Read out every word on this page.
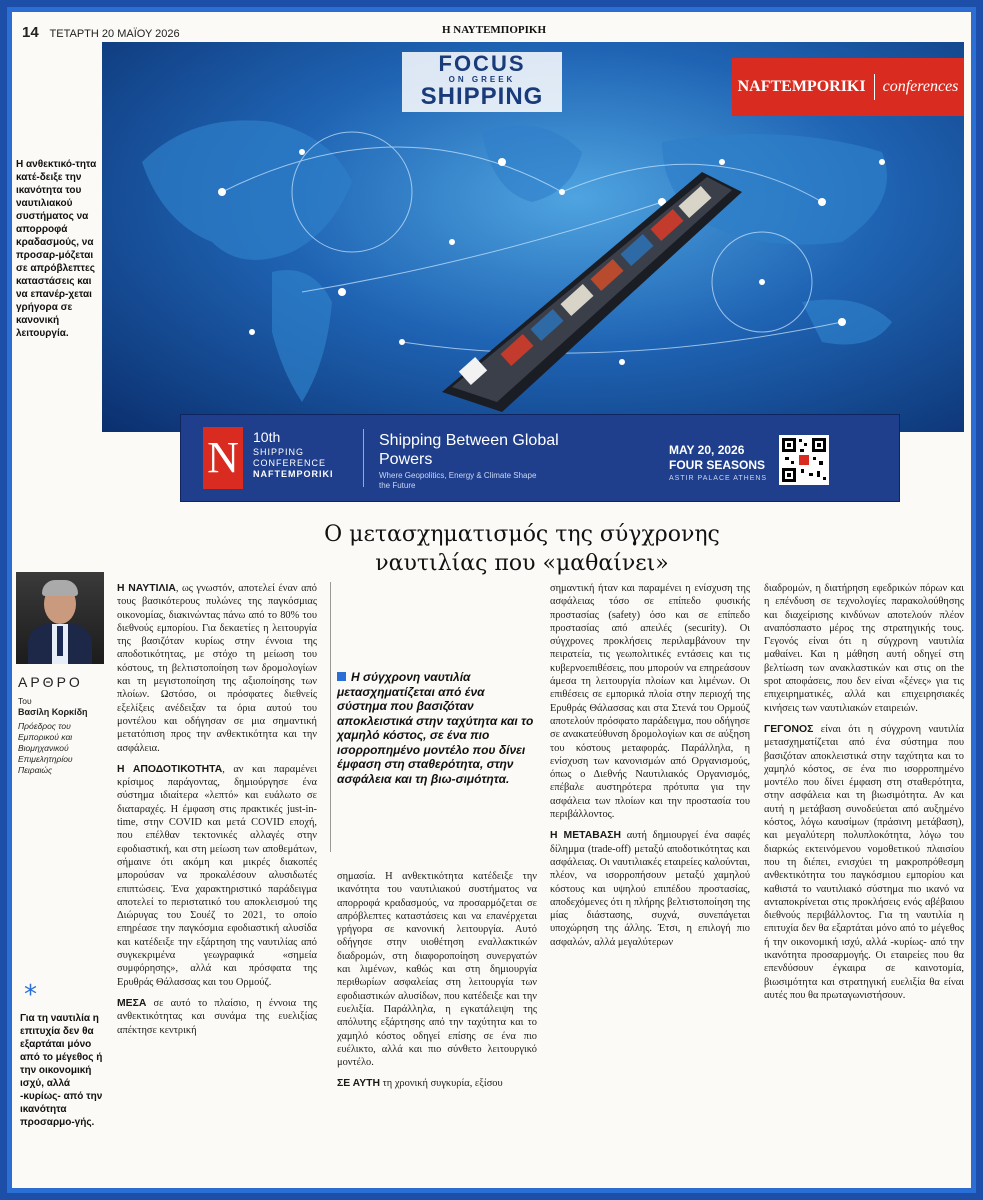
14 ΤΕΤΑΡΤΗ 20 ΜΑΪΟΥ 2026	Η ΝΑΥΤΕΜΠΟΡΙΚΗ
FOCUS
ON GREEK
SHIPPING	NAFTEMPORIKI conferences
Η ανθεκτικό-τητα κατέ-δειξε την ικανότητα του ναυτιλιακού συστήματος να απορροφά κραδασμούς, να προσαρ-μόζεται σε απρόβλεπτες καταστάσεις και να επανέρ-χεται γρήγορα σε κανονική λειτουργία.
N 10th
SHIPPING
CONFERENCE
NAFTEMPORIKI
Shipping Between Global Powers
Where Geopolitics, Energy & Climate Shape the Future
MAY 20, 2026
FOUR SEASONS
ASTIR PALACE ATHENS
Ο μετασχηματισμός της σύγχρονης ναυτιλίας που «μαθαίνει»
ΑΡΘΡΟ
Του
Βασίλη Κορκίδη
Πρόεδρος του Εμπορικού και Βιομηχανικού Επιμελητηρίου Πειραιώς
*
Για τη ναυτιλία η επιτυχία δεν θα εξαρτάται μόνο από το μέγεθος ή την οικονομική ισχύ, αλλά -κυρίως- από την ικανότητα προσαρμο-γής.

Η ΝΑΥΤΙΛΙΑ, ως γνωστόν, αποτελεί έναν από τους βασικότερους πυλώνες της παγκόσμιας οικονομίας, διακινώντας πάνω από το 80% του διεθνούς εμπορίου. Για δεκαετίες η λειτουργία της βασιζόταν κυρίως στην έννοια της αποδοτικότητας, με στόχο τη μείωση του κόστους, τη βελτιστοποίηση των δρομολογίων και τη μεγιστοποίηση της αξιοποίησης των πλοίων. Ωστόσο, οι πρόσφατες διεθνείς εξελίξεις ανέδειξαν τα όρια αυτού του μοντέλου και οδήγησαν σε μια σημαντική μετατόπιση προς την ανθεκτικότητα και την ασφάλεια.

Η ΑΠΟΔΟΤΙΚΟΤΗΤΑ, αν και παραμένει κρίσιμος παράγοντας, δημιούργησε ένα σύστημα ιδιαίτερα «λεπτό» και ευάλωτο σε διαταραχές. Η έμφαση στις πρακτικές just-in-time, στην COVID και μετά COVID εποχή, που επέλθαν τεκτονικές αλλαγές στην εφοδιαστική, και στη μείωση των αποθεμάτων, σήμαινε ότι ακόμη και μικρές διακοπές μπορούσαν να προκαλέσουν αλυσιδωτές επιπτώσεις. Ένα χαρακτηριστικό παράδειγμα αποτελεί το περιστατικό του αποκλεισμού της Διώρυγας του Σουέζ το 2021, το οποίο επηρέασε την παγκόσμια εφοδιαστική αλυσίδα και κατέδειξε την εξάρτηση της ναυτιλίας από συγκεκριμένα γεωγραφικά «σημεία συμφόρησης», αλλά και πρόσφατα της Ερυθράς Θάλασσας και του Ορμούζ.

ΜΕΣΑ σε αυτό το πλαίσιο, η έννοια της ανθεκτικότητας και συνάμα της ευελιξίας απέκτησε κεντρική

Η σύγχρονη ναυτιλία μετασχηματίζεται από ένα σύστημα που βασιζόταν αποκλειστικά στην ταχύτητα και το χαμηλό κόστος, σε ένα πιο ισορροπημένο μοντέλο που δίνει έμφαση στη σταθερότητα, στην ασφάλεια και τη βιω-σιμότητα.

σημασία. Η ανθεκτικότητα κατέδειξε την ικανότητα του ναυτιλιακού συστήματος να απορροφά κραδασμούς, να προσαρμόζεται σε απρόβλεπτες καταστάσεις και να επανέρχεται γρήγορα σε κανονική λειτουργία. Αυτό οδήγησε στην υιοθέτηση εναλλακτικών διαδρομών, στη διαφοροποίηση συνεργατών και λιμένων, καθώς και στη δημιουργία περιθωρίων ασφαλείας στη λειτουργία των εφοδιαστικών αλυσίδων, που κατέδειξε και την ευελιξία. Παράλληλα, η εγκατάλειψη της απόλυτης εξάρτησης από την ταχύτητα και το χαμηλό κόστος οδηγεί επίσης σε ένα πιο ευέλικτο, αλλά και πιο σύνθετο λειτουργικό μοντέλο.

ΣΕ ΑΥΤΗ τη χρονική συγκυρία, εξίσου

σημαντική ήταν και παραμένει η ενίσχυση της ασφάλειας τόσο σε επίπεδο φυσικής προστασίας (safety) όσο και σε επίπεδο προστασίας από απειλές (security). Οι σύγχρονες προκλήσεις περιλαμβάνουν την πειρατεία, τις γεωπολιτικές εντάσεις και τις κυβερνοεπιθέσεις, που μπορούν να επηρεάσουν άμεσα τη λειτουργία πλοίων και λιμένων. Οι επιθέσεις σε εμπορικά πλοία στην περιοχή της Ερυθράς Θάλασσας και στα Στενά του Ορμούζ αποτελούν πρόσφατο παράδειγμα, που οδήγησε σε ανακατεύθυνση δρομολογίων και σε αύξηση του κόστους μεταφοράς. Παράλληλα, η ενίσχυση των κανονισμών από Οργανισμούς, όπως ο Διεθνής Ναυτιλιακός Οργανισμός, επέβαλε αυστηρότερα πρότυπα για την ασφάλεια των πλοίων και την προστασία του περιβάλλοντος.

Η ΜΕΤΑΒΑΣΗ αυτή δημιουργεί ένα σαφές δίλημμα (trade-off) μεταξύ αποδοτικότητας και ασφάλειας. Οι ναυτιλιακές εταιρείες καλούνται, πλέον, να ισορροπήσουν μεταξύ χαμηλού κόστους και υψηλού επιπέδου προστασίας, αποδεχόμενες ότι η πλήρης βελτιστοποίηση της μίας διάστασης, συχνά, συνεπάγεται υποχώρηση της άλλης. Έτσι, η επιλογή πιο ασφαλών, αλλά μεγαλύτερων

διαδρομών, η διατήρηση εφεδρικών πόρων και η επένδυση σε τεχνολογίες παρακολούθησης και διαχείρισης κινδύνων αποτελούν πλέον αναπόσπαστο μέρος της στρατηγικής τους. Γεγονός είναι ότι η σύγχρονη ναυτιλία μαθαίνει. Και η μάθηση αυτή οδηγεί στη βελτίωση των ανακλαστικών και στις on the spot αποφάσεις, που δεν είναι «ξένες» για τις επιχειρηματικές, αλλά και επιχειρησιακές κινήσεις των ναυτιλιακών εταιρειών.

ΓΕΓΟΝΟΣ είναι ότι η σύγχρονη ναυτιλία μετασχηματίζεται από ένα σύστημα που βασιζόταν αποκλειστικά στην ταχύτητα και το χαμηλό κόστος, σε ένα πιο ισορροπημένο μοντέλο που δίνει έμφαση στη σταθερότητα, στην ασφάλεια και τη βιωσιμότητα. Αν και αυτή η μετάβαση συνοδεύεται από αυξημένο κόστος, λόγω καυσίμων (πράσινη μετάβαση), και μεγαλύτερη πολυπλοκότητα, λόγω του διαρκώς εκτεινόμενου νομοθετικού πλαισίου που τη διέπει, ενισχύει τη μακροπρόθεσμη ανθεκτικότητα του παγκόσμιου εμπορίου και καθιστά το ναυτιλιακό σύστημα πιο ικανό να ανταποκρίνεται στις προκλήσεις ενός αβέβαιου διεθνούς περιβάλλοντος. Για τη ναυτιλία η επιτυχία δεν θα εξαρτάται μόνο από το μέγεθος ή την οικονομική ισχύ, αλλά -κυρίως- από την ικανότητα προσαρμογής. Οι εταιρείες που θα επενδύσουν έγκαιρα σε καινοτομία, βιωσιμότητα και στρατηγική ευελιξία θα είναι αυτές που θα πρωταγωνιστήσουν.
